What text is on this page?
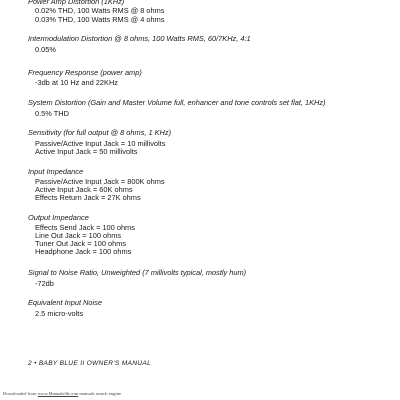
Power Amp Distortion (1KHz)
0.02% THD, 100 Watts RMS @ 8 ohms
0.03% THD, 100 Watts RMS @ 4 ohms
Intermodulation Distortion @ 8 ohms, 100 Watts RMS, 60/7KHz, 4:1
0.05%
Frequency Response (power amp)
-3db at 10 Hz and 22KHz
System Distortion (Gain and Master Volume full, enhancer and tone controls set flat, 1KHz)
0.5% THD
Sensitivity (for full output @ 8 ohms, 1 KHz)
Passive/Active Input Jack = 10 millivolts
Active Input Jack = 50 millivolts
Input Impedance
Passive/Active Input Jack = 800K ohms
Active Input Jack = 60K ohms
Effects Return Jack = 27K ohms
Output Impedance
Effects Send Jack = 100 ohms
Line Out Jack = 100 ohms
Tuner Out Jack = 100 ohms
Headphone Jack = 100 ohms
Signal to Noise Ratio, Unweighted (7 millivolts typical, mostly hum)
-72db
Equivalent Input Noise
2.5 micro-volts
2 • BABY BLUE II OWNER'S MANUAL
Downloaded from www.Manualslib.com manuals search engine
